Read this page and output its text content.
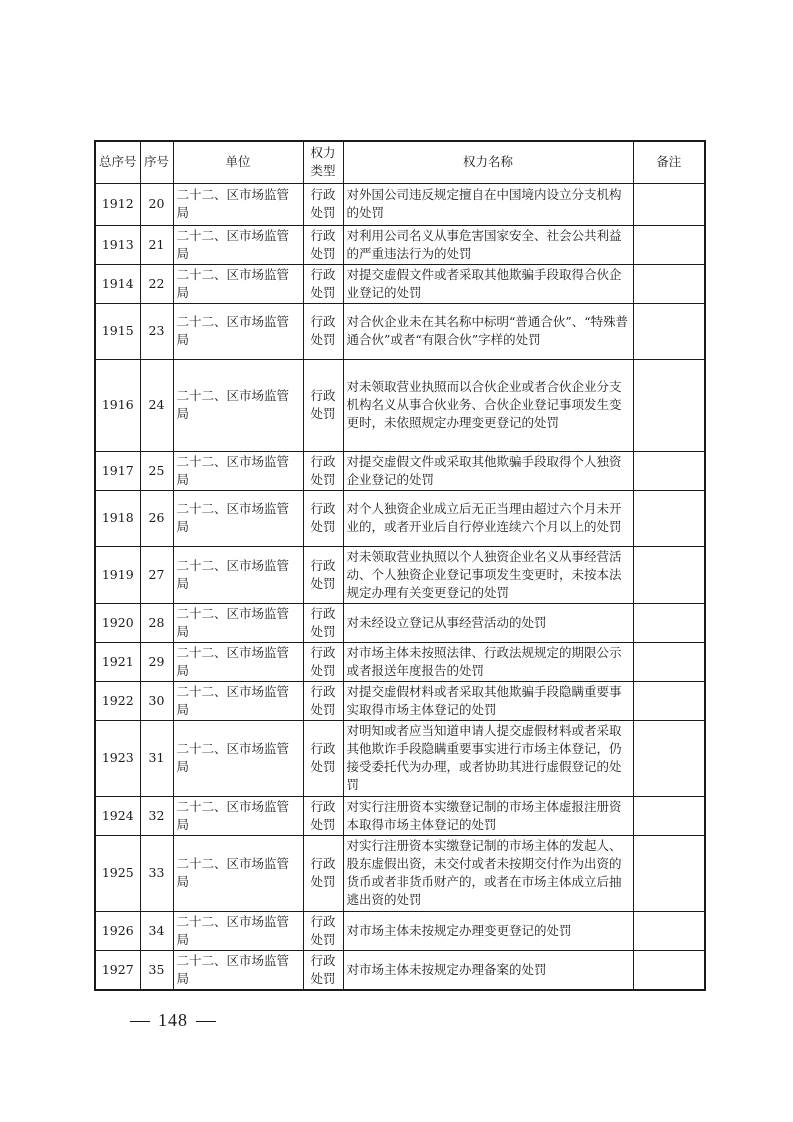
总序号	序号	单位	权力类型	权力名称	备注
1912	20	二十二、区市场监管局	行政处罚	对外国公司违反规定擅自在中国境内设立分支机构的处罚	
1913	21	二十二、区市场监管局	行政处罚	对利用公司名义从事危害国家安全、社会公共利益的严重违法行为的处罚	
1914	22	二十二、区市场监管局	行政处罚	对提交虚假文件或者采取其他欺骗手段取得合伙企业登记的处罚	
1915	23	二十二、区市场监管局	行政处罚	对合伙企业未在其名称中标明“普通合伙”、“特殊普通合伙”或者“有限合伙”字样的处罚	
1916	24	二十二、区市场监管局	行政处罚	对未领取营业执照而以合伙企业或者合伙企业分支机构名义从事合伙业务、合伙企业登记事项发生变更时，未依照规定办理变更登记的处罚	
1917	25	二十二、区市场监管局	行政处罚	对提交虚假文件或采取其他欺骗手段取得个人独资企业登记的处罚	
1918	26	二十二、区市场监管局	行政处罚	对个人独资企业成立后无正当理由超过六个月未开业的，或者开业后自行停业连续六个月以上的处罚	
1919	27	二十二、区市场监管局	行政处罚	对未领取营业执照以个人独资企业名义从事经营活动、个人独资企业登记事项发生变更时，未按本法规定办理有关变更登记的处罚	
1920	28	二十二、区市场监管局	行政处罚	对未经设立登记从事经营活动的处罚	
1921	29	二十二、区市场监管局	行政处罚	对市场主体未按照法律、行政法规规定的期限公示或者报送年度报告的处罚	
1922	30	二十二、区市场监管局	行政处罚	对提交虚假材料或者采取其他欺骗手段隐瞒重要事实取得市场主体登记的处罚	
1923	31	二十二、区市场监管局	行政处罚	对明知或者应当知道申请人提交虚假材料或者采取其他欺诈手段隐瞒重要事实进行市场主体登记，仍接受委托代为办理，或者协助其进行虚假登记的处罚	
1924	32	二十二、区市场监管局	行政处罚	对实行注册资本实缴登记制的市场主体虚报注册资本取得市场主体登记的处罚	
1925	33	二十二、区市场监管局	行政处罚	对实行注册资本实缴登记制的市场主体的发起人、股东虚假出资，未交付或者未按期交付作为出资的货币或者非货币财产的，或者在市场主体成立后抽逃出资的处罚	
1926	34	二十二、区市场监管局	行政处罚	对市场主体未按规定办理变更登记的处罚	
1927	35	二十二、区市场监管局	行政处罚	对市场主体未按规定办理备案的处罚	
148
